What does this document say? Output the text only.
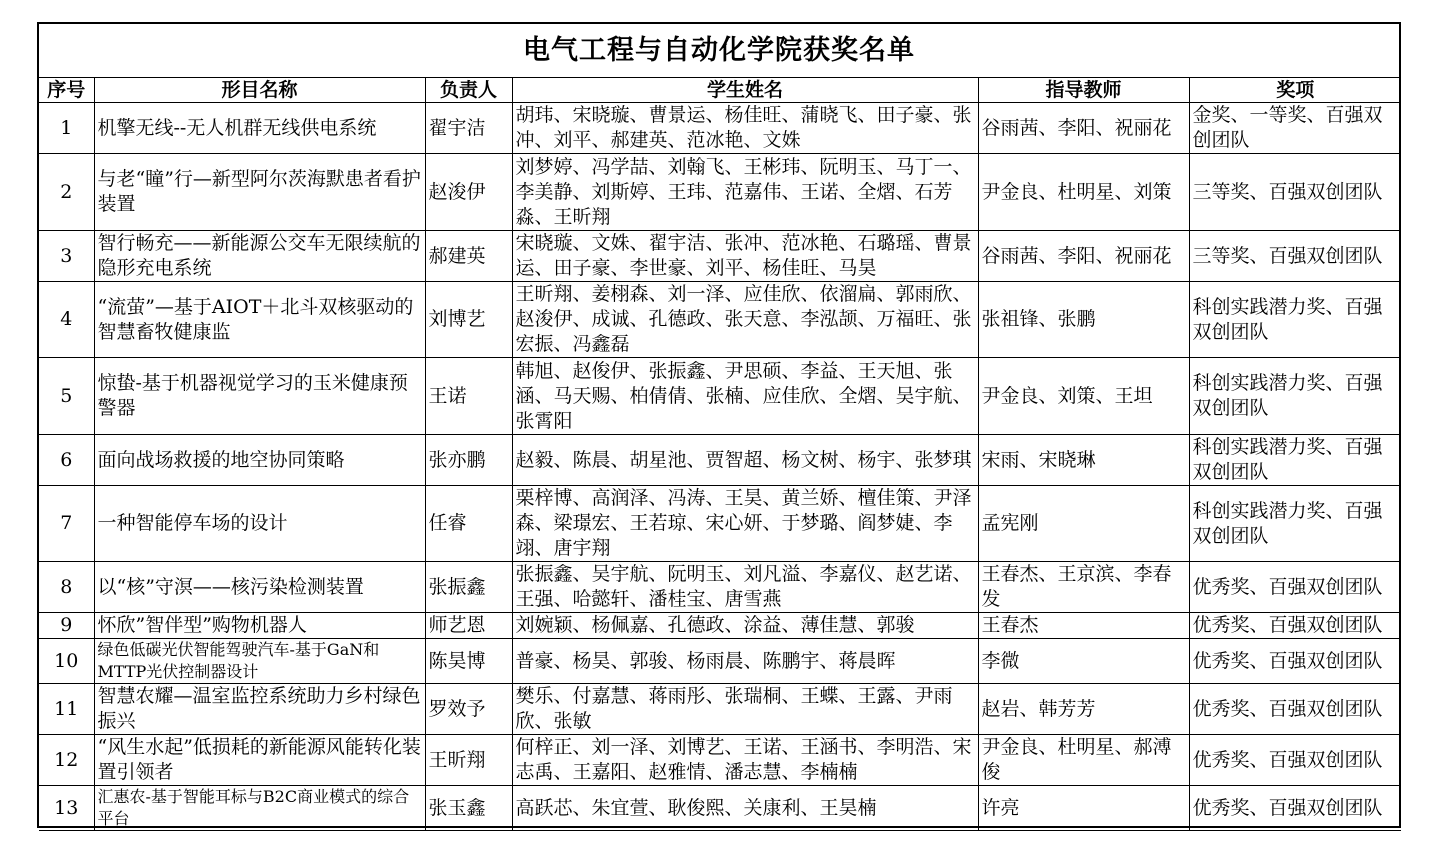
电气工程与自动化学院获奖名单
序号	形目名称	负责人	学生姓名	指导教师	奖项
1	机擎无线--无人机群无线供电系统	翟宇洁	胡玮、宋晓璇、曹景运、杨佳旺、蒲晓飞、田子豪、张冲、刘平、郝建英、范冰艳、文姝	谷雨茜、李阳、祝丽花	金奖、一等奖、百强双创团队
2	与老“瞳”行—新型阿尔茨海默患者看护装置	赵浚伊	刘梦婷、冯学喆、刘翰飞、王彬玮、阮明玉、马丁一、李美静、刘斯婷、王玮、范嘉伟、王诺、全熠、石芳淼、王昕翔	尹金良、杜明星、刘策	三等奖、百强双创团队
3	智行畅充——新能源公交车无限续航的隐形充电系统	郝建英	宋晓璇、文姝、翟宇洁、张冲、范冰艳、石璐瑶、曹景运、田子豪、李世豪、刘平、杨佳旺、马昊	谷雨茜、李阳、祝丽花	三等奖、百强双创团队
4	“流萤”—基于AIOT＋北斗双核驱动的智慧畜牧健康监	刘博艺	王昕翔、姜栩森、刘一泽、应佳欣、依溜扁、郭雨欣、赵浚伊、成诚、孔德政、张天意、李泓颉、万福旺、张宏振、冯鑫磊	张祖锋、张鹏	科创实践潜力奖、百强双创团队
5	惊蛰-基于机器视觉学习的玉米健康预警器	王诺	韩旭、赵俊伊、张振鑫、尹思硕、李益、王天旭、张涵、马天赐、柏倩倩、张楠、应佳欣、全熠、吴宇航、张霄阳	尹金良、刘策、王坦	科创实践潜力奖、百强双创团队
6	面向战场救援的地空协同策略	张亦鹏	赵毅、陈晨、胡星池、贾智超、杨文树、杨宇、张梦琪	宋雨、宋晓琳	科创实践潜力奖、百强双创团队
7	一种智能停车场的设计	任睿	栗梓博、高润泽、冯涛、王昊、黄兰娇、檀佳策、尹泽森、梁璟宏、王若琼、宋心妍、于梦璐、阎梦婕、李翊、唐宇翔	孟宪刚	科创实践潜力奖、百强双创团队
8	以“核”守溟——核污染检测装置	张振鑫	张振鑫、吴宇航、阮明玉、刘凡溢、李嘉仪、赵艺诺、王强、哈懿轩、潘桂宝、唐雪燕	王春杰、王京滨、李春发	优秀奖、百强双创团队
9	怀欣”智伴型”购物机器人	师艺恩	刘婉颖、杨佩嘉、孔德政、涂益、薄佳慧、郭骏	王春杰	优秀奖、百强双创团队
10	绿色低碳光伏智能驾驶汽车-基于GaN和MTTP光伏控制器设计	陈昊博	普豪、杨昊、郭骏、杨雨晨、陈鹏宇、蒋晨晖	李微	优秀奖、百强双创团队
11	智慧农耀—温室监控系统助力乡村绿色振兴	罗效予	樊乐、付嘉慧、蒋雨彤、张瑞桐、王蝶、王露、尹雨欣、张敏	赵岩、韩芳芳	优秀奖、百强双创团队
12	“风生水起”低损耗的新能源风能转化装置引领者	王昕翔	何梓正、刘一泽、刘博艺、王诺、王涵书、李明浩、宋志禹、王嘉阳、赵雅情、潘志慧、李楠楠	尹金良、杜明星、郝溥俊	优秀奖、百强双创团队
13	汇惠农-基于智能耳标与B2C商业模式的综合平台	张玉鑫	高跃芯、朱宜萱、耿俊熙、关康利、王昊楠	许亮	优秀奖、百强双创团队
